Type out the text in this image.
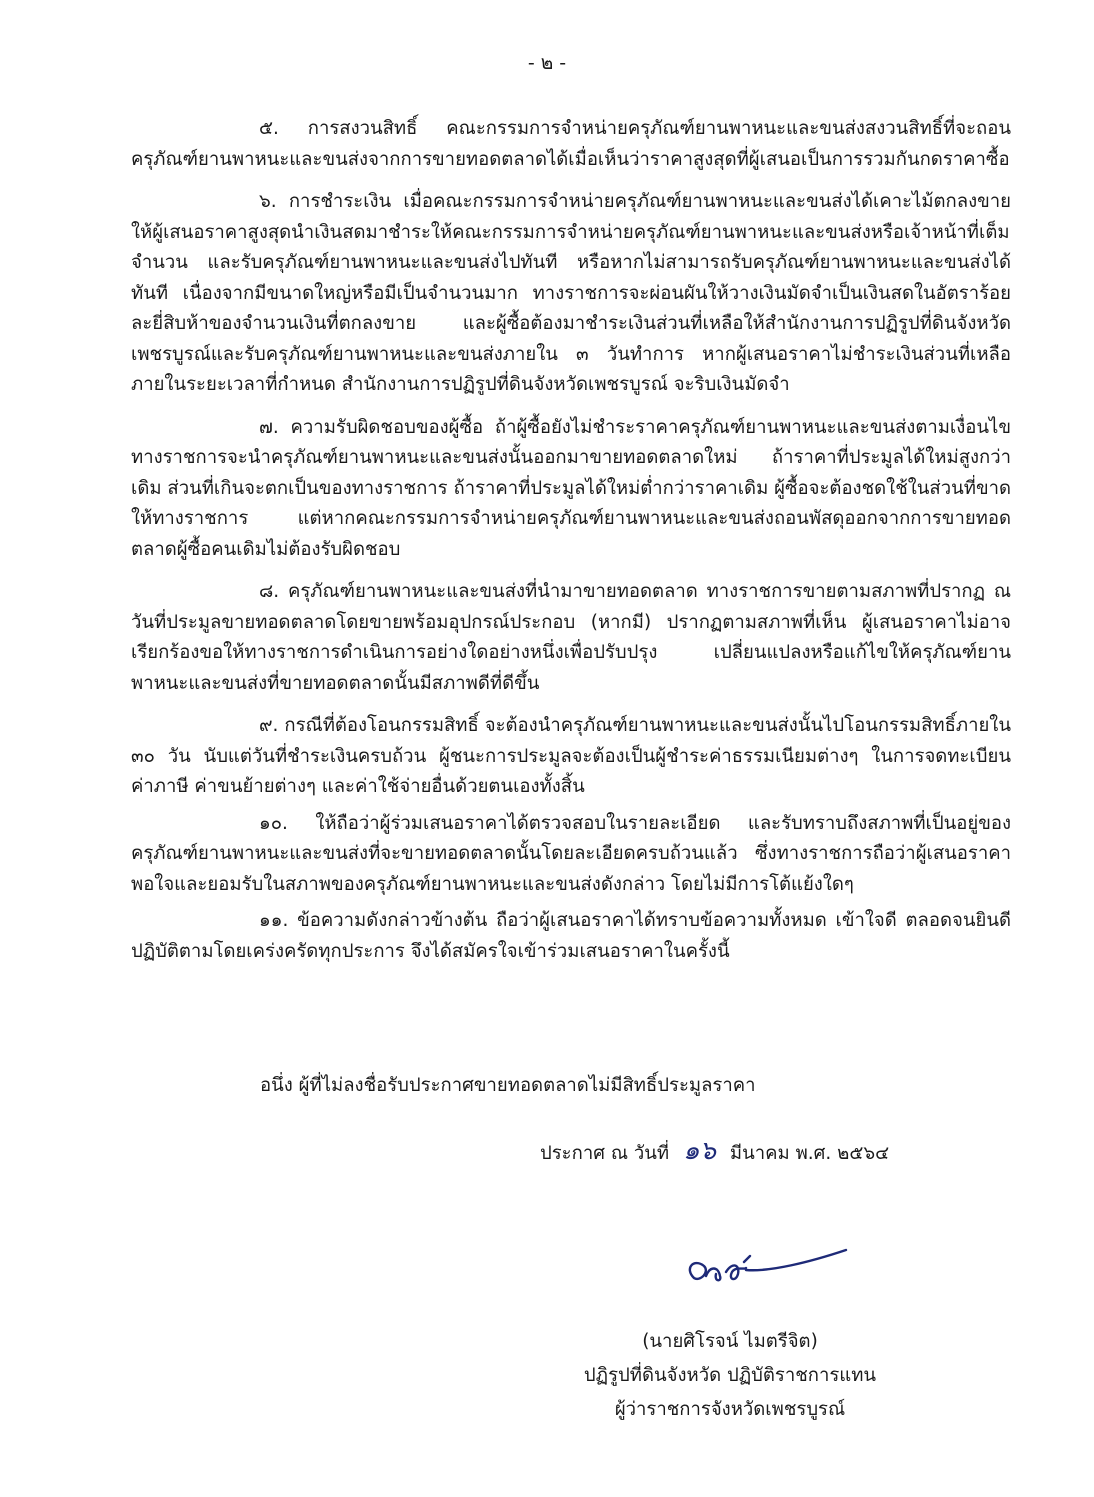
- ๒ -

๕. การสงวนสิทธิ์ คณะกรรมการจำหน่ายครุภัณฑ์ยานพาหนะและขนส่งสงวนสิทธิ์ที่จะถอนครุภัณฑ์ยานพาหนะและขนส่งจากการขายทอดตลาดได้เมื่อเห็นว่าราคาสูงสุดที่ผู้เสนอเป็นการรวมกันกดราคาซื้อ

๖. การชำระเงิน เมื่อคณะกรรมการจำหน่ายครุภัณฑ์ยานพาหนะและขนส่งได้เคาะไม้ตกลงขาย ให้ผู้เสนอราคาสูงสุดนำเงินสดมาชำระให้คณะกรรมการจำหน่ายครุภัณฑ์ยานพาหนะและขนส่งหรือเจ้าหน้าที่เต็มจำนวน และรับครุภัณฑ์ยานพาหนะและขนส่งไปทันที หรือหากไม่สามารถรับครุภัณฑ์ยานพาหนะและขนส่งได้ทันที เนื่องจากมีขนาดใหญ่หรือมีเป็นจำนวนมาก ทางราชการจะผ่อนผันให้วางเงินมัดจำเป็นเงินสดในอัตราร้อยละยี่สิบห้าของจำนวนเงินที่ตกลงขาย และผู้ซื้อต้องมาชำระเงินส่วนที่เหลือให้สำนักงานการปฏิรูปที่ดินจังหวัดเพชรบูรณ์และรับครุภัณฑ์ยานพาหนะและขนส่งภายใน ๓ วันทำการ หากผู้เสนอราคาไม่ชำระเงินส่วนที่เหลือภายในระยะเวลาที่กำหนด สำนักงานการปฏิรูปที่ดินจังหวัดเพชรบูรณ์ จะริบเงินมัดจำ

๗. ความรับผิดชอบของผู้ซื้อ ถ้าผู้ซื้อยังไม่ชำระราคาครุภัณฑ์ยานพาหนะและขนส่งตามเงื่อนไข ทางราชการจะนำครุภัณฑ์ยานพาหนะและขนส่งนั้นออกมาขายทอดตลาดใหม่ ถ้าราคาที่ประมูลได้ใหม่สูงกว่าเดิม ส่วนที่เกินจะตกเป็นของทางราชการ ถ้าราคาที่ประมูลได้ใหม่ต่ำกว่าราคาเดิม ผู้ซื้อจะต้องชดใช้ในส่วนที่ขาดให้ทางราชการ แต่หากคณะกรรมการจำหน่ายครุภัณฑ์ยานพาหนะและขนส่งถอนพัสดุออกจากการขายทอดตลาดผู้ซื้อคนเดิมไม่ต้องรับผิดชอบ

๘. ครุภัณฑ์ยานพาหนะและขนส่งที่นำมาขายทอดตลาด ทางราชการขายตามสภาพที่ปรากฏ ณ วันที่ประมูลขายทอดตลาดโดยขายพร้อมอุปกรณ์ประกอบ (หากมี) ปรากฏตามสภาพที่เห็น ผู้เสนอราคาไม่อาจเรียกร้องขอให้ทางราชการดำเนินการอย่างใดอย่างหนึ่งเพื่อปรับปรุง เปลี่ยนแปลงหรือแก้ไขให้ครุภัณฑ์ยานพาหนะและขนส่งที่ขายทอดตลาดนั้นมีสภาพดีที่ดีขึ้น

๙. กรณีที่ต้องโอนกรรมสิทธิ์ จะต้องนำครุภัณฑ์ยานพาหนะและขนส่งนั้นไปโอนกรรมสิทธิ์ภายใน ๓๐ วัน นับแต่วันที่ชำระเงินครบถ้วน ผู้ชนะการประมูลจะต้องเป็นผู้ชำระค่าธรรมเนียมต่างๆ ในการจดทะเบียน ค่าภาษี ค่าขนย้ายต่างๆ และค่าใช้จ่ายอื่นด้วยตนเองทั้งสิ้น

๑๐. ให้ถือว่าผู้ร่วมเสนอราคาได้ตรวจสอบในรายละเอียด และรับทราบถึงสภาพที่เป็นอยู่ของครุภัณฑ์ยานพาหนะและขนส่งที่จะขายทอดตลาดนั้นโดยละเอียดครบถ้วนแล้ว ซึ่งทางราชการถือว่าผู้เสนอราคาพอใจและยอมรับในสภาพของครุภัณฑ์ยานพาหนะและขนส่งดังกล่าว โดยไม่มีการโต้แย้งใดๆ

๑๑. ข้อความดังกล่าวข้างต้น ถือว่าผู้เสนอราคาได้ทราบข้อความทั้งหมด เข้าใจดี ตลอดจนยินดีปฏิบัติตามโดยเคร่งครัดทุกประการ จึงได้สมัครใจเข้าร่วมเสนอราคาในครั้งนี้

อนึ่ง ผู้ที่ไม่ลงชื่อรับประกาศขายทอดตลาดไม่มีสิทธิ์ประมูลราคา
ประกาศ ณ วันที่ ๑๖ มีนาคม พ.ศ. ๒๕๖๔
(นายศิโรจน์ ไมตรีจิต)
ปฏิรูปที่ดินจังหวัด ปฏิบัติราชการแทน
ผู้ว่าราชการจังหวัดเพชรบูรณ์
